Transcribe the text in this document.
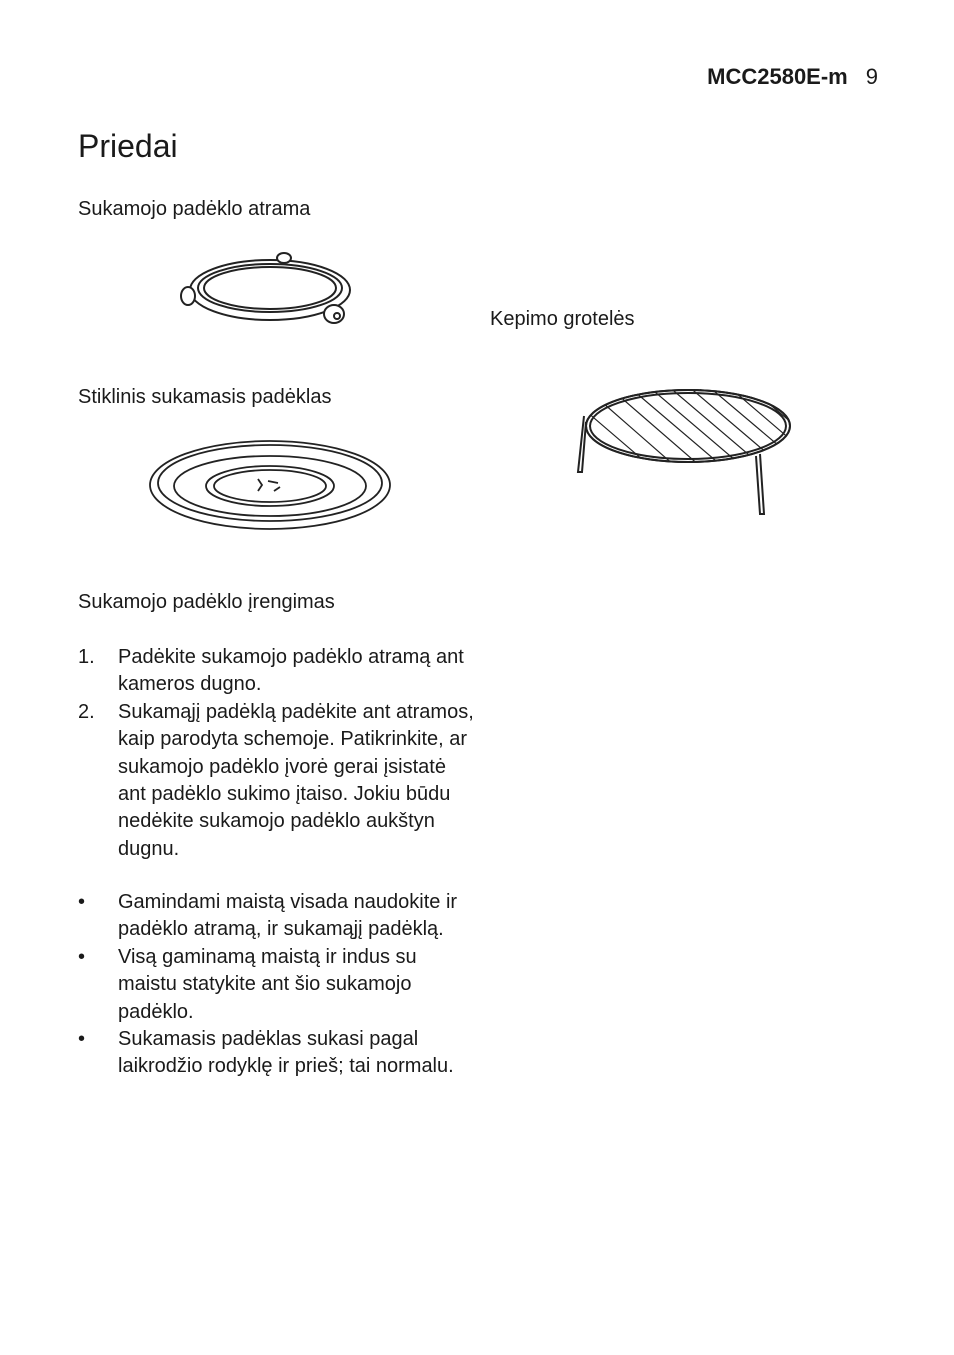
MCC2580E-m 9
Priedai
Sukamojo padėklo atrama
Stiklinis sukamasis padėklas
Kepimo grotelės
Sukamojo padėklo įrengimas
1. Padėkite sukamojo padėklo atramą ant kameros dugno.
2. Sukamąjį padėklą padėkite ant atramos, kaip parodyta schemoje. Patikrinkite, ar sukamojo padėklo įvorė gerai įsistatė ant padėklo sukimo įtaiso. Jokiu būdu nedėkite sukamojo padėklo aukštyn dugnu.
• Gamindami maistą visada naudokite ir padėklo atramą, ir sukamąjį padėklą.
• Visą gaminamą maistą ir indus su maistu statykite ant šio sukamojo padėklo.
• Sukamasis padėklas sukasi pagal laikrodžio rodyklę ir prieš; tai normalu.
